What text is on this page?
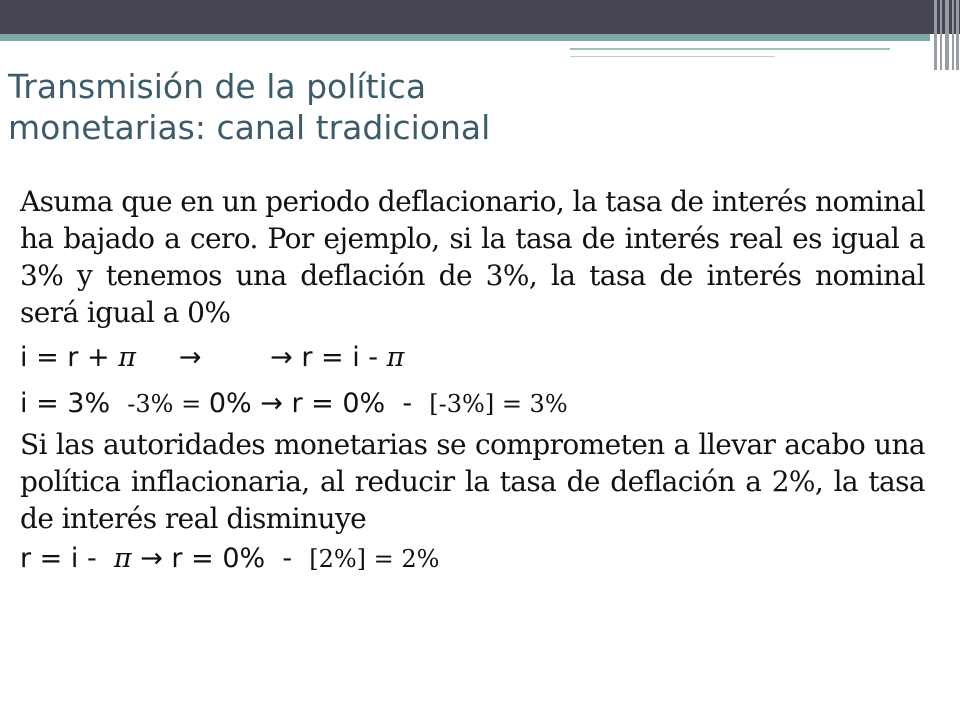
Transmisión de la política
monetarias: canal tradicional

Asuma que en un periodo deflacionario, la tasa de interés nominal ha bajado a cero. Por ejemplo, si la tasa de interés real es igual a 3% y tenemos una deflación de 3%, la tasa de interés nominal será igual a 0%

i = r + π     →        → r = i - π

i = 3%  -3% = 0% → r = 0%  -  [-3%] = 3%

Si las autoridades monetarias se comprometen a llevar acabo una política inflacionaria, al reducir la tasa de deflación a 2%, la tasa de interés real disminuye

r = i -  π → r = 0%  -  [2%] = 2%
